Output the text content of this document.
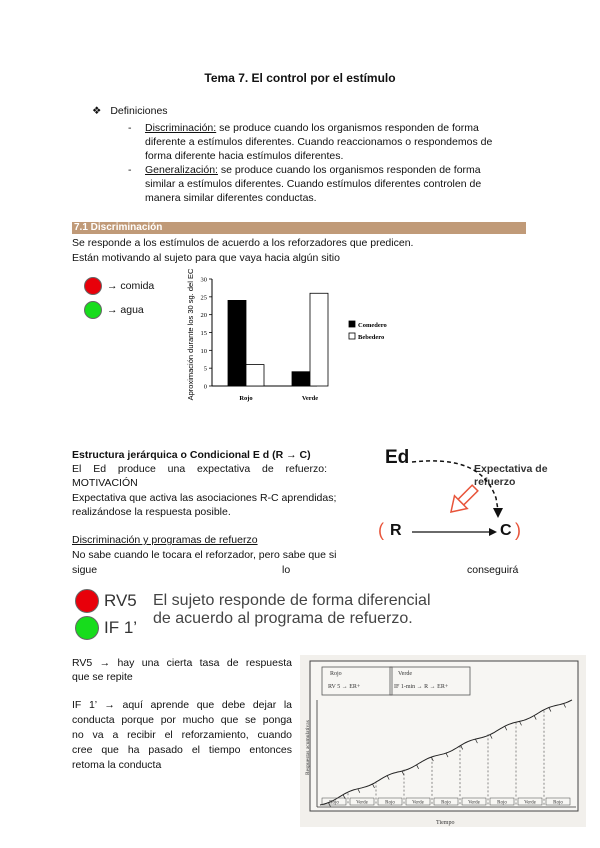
Tema 7. El control por el estímulo
❖ Definiciones
- Discriminación: se produce cuando los organismos responden de forma
diferente a estímulos diferentes. Cuando reaccionamos o respondemos de
forma diferente hacia estímulos diferentes.
- Generalización: se produce cuando los organismos responden de forma
similar a estímulos diferentes. Cuando estímulos diferentes controlen de
manera similar diferentes conductas.
7.1 Discriminación
Se responde a los estímulos de acuerdo a los reforzadores que predicen.
Están motivando al sujeto para que vaya hacia algún sitio
→ comida
→ agua
0
5
10
15
20
25
30
Aproximación durante los 30 sg. del EC	Rojo	Verde
Comedero
Bebedero
Estructura jerárquica o Condicional E d (R → C)
El Ed produce una expectativa de refuerzo:
MOTIVACIÓN
Expectativa que activa las asociaciones R-C aprendidas;
realizándose la respuesta posible.
Ed
Expectativa de
refuerzo
( R	C )
Discriminación y programas de refuerzo
No sabe cuando le tocara el reforzador, pero sabe que si
sigue	lo	conseguirá
RV5
IF 1’
El sujeto responde de forma diferencial
de acuerdo al programa de refuerzo.
RV5 → hay una cierta tasa de respuesta
que se repite
IF 1’ → aquí aprende que debe dejar la
conducta porque por mucho que se ponga
no va a recibir el reforzamiento, cuando
cree que ha pasado el tiempo entonces
retoma la conducta
Rojo
RV 5 → ER+
Verde
IF 1-min → R → ER+
Respuestas acumulativas
Rojo	Verde	Rojo	Verde	Rojo	Verde	Rojo	Verde	Rojo
Tiempo
